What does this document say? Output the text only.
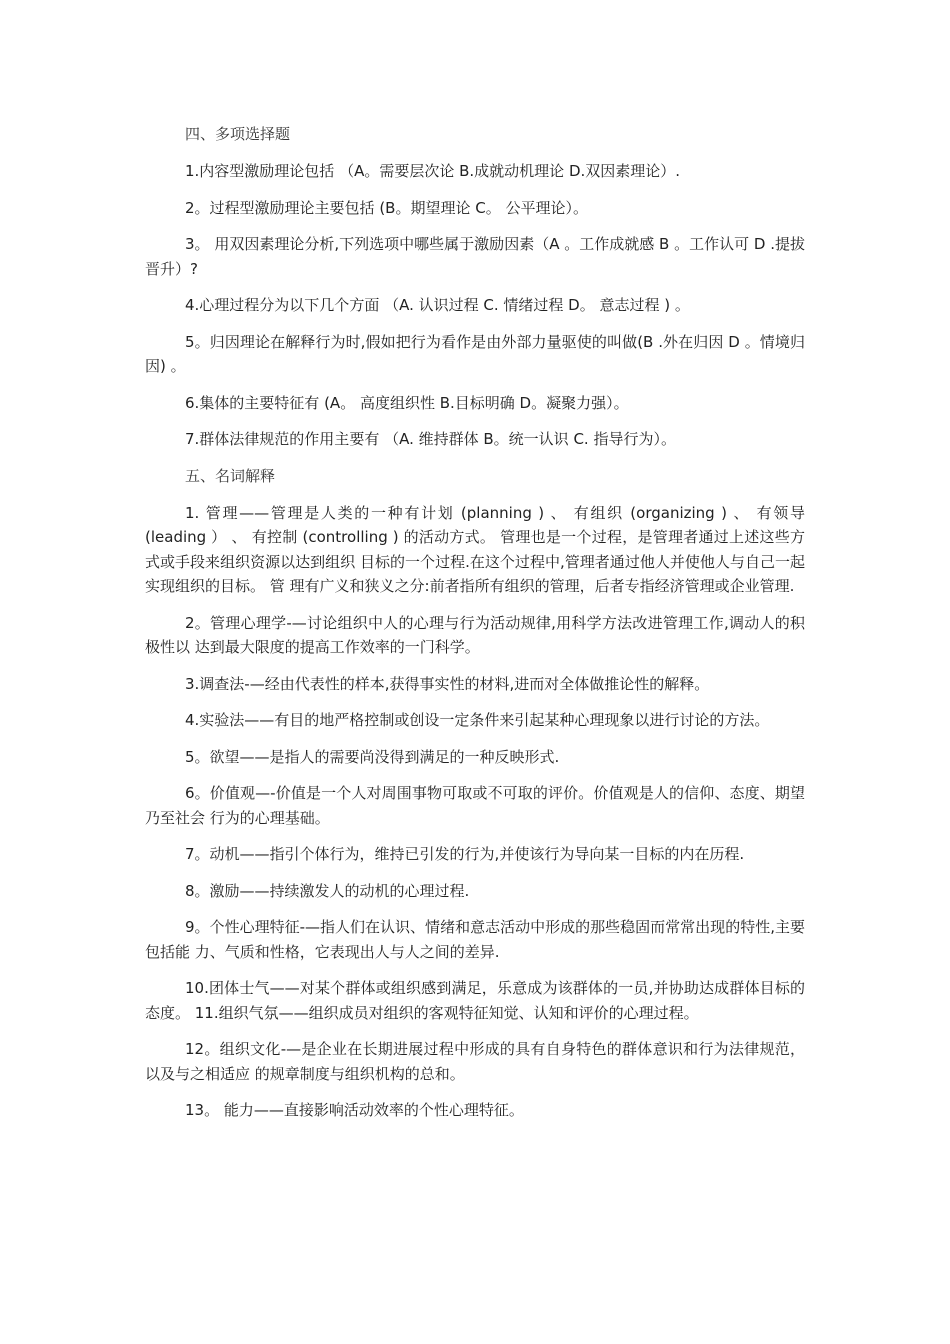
四、多项选择题

1.内容型激励理论包括 （A。需要层次论 B.成就动机理论 D.双因素理论）.

2。过程型激励理论主要包括 (B。期望理论 C。 公平理论）。

3。 用双因素理论分析,下列选项中哪些属于激励因素（A 。工作成就感 B 。工作认可 D .提拔晋升）?

4.心理过程分为以下几个方面 （A. 认识过程 C. 情绪过程 D。 意志过程 ) 。

5。归因理论在解释行为时,假如把行为看作是由外部力量驱使的叫做(B .外在归因 D 。情境归因) 。

6.集体的主要特征有 (A。 高度组织性 B.目标明确 D。凝聚力强）。

7.群体法律规范的作用主要有 （A. 维持群体 B。统一认识 C. 指导行为）。

五、名词解释

1. 管理——管理是人类的一种有计划 (planning ) 、 有组织 (organizing ) 、 有领导 (leading ） 、 有控制 (controlling ) 的活动方式。 管理也是一个过程，是管理者通过上述这些方式或手段来组织资源以达到组织 目标的一个过程.在这个过程中,管理者通过他人并使他人与自己一起实现组织的目标。 管 理有广义和狭义之分:前者指所有组织的管理，后者专指经济管理或企业管理.

2。管理心理学-—讨论组织中人的心理与行为活动规律,用科学方法改进管理工作,调动人的积极性以 达到最大限度的提高工作效率的一门科学。

3.调查法-—经由代表性的样本,获得事实性的材料,进而对全体做推论性的解释。

4.实验法——有目的地严格控制或创设一定条件来引起某种心理现象以进行讨论的方法。

5。欲望——是指人的需要尚没得到满足的一种反映形式.

6。价值观—-价值是一个人对周围事物可取或不可取的评价。价值观是人的信仰、态度、期望乃至社会 行为的心理基础。

7。动机——指引个体行为，维持已引发的行为,并使该行为导向某一目标的内在历程.

8。激励——持续激发人的动机的心理过程.

9。个性心理特征-—指人们在认识、情绪和意志活动中形成的那些稳固而常常出现的特性,主要包括能 力、气质和性格，它表现出人与人之间的差异.

10.团体士气——对某个群体或组织感到满足，乐意成为该群体的一员,并协助达成群体目标的态度。 11.组织气氛——组织成员对组织的客观特征知觉、认知和评价的心理过程。

12。组织文化-—是企业在长期进展过程中形成的具有自身特色的群体意识和行为法律规范，以及与之相适应 的规章制度与组织机构的总和。

13。 能力——直接影响活动效率的个性心理特征。
